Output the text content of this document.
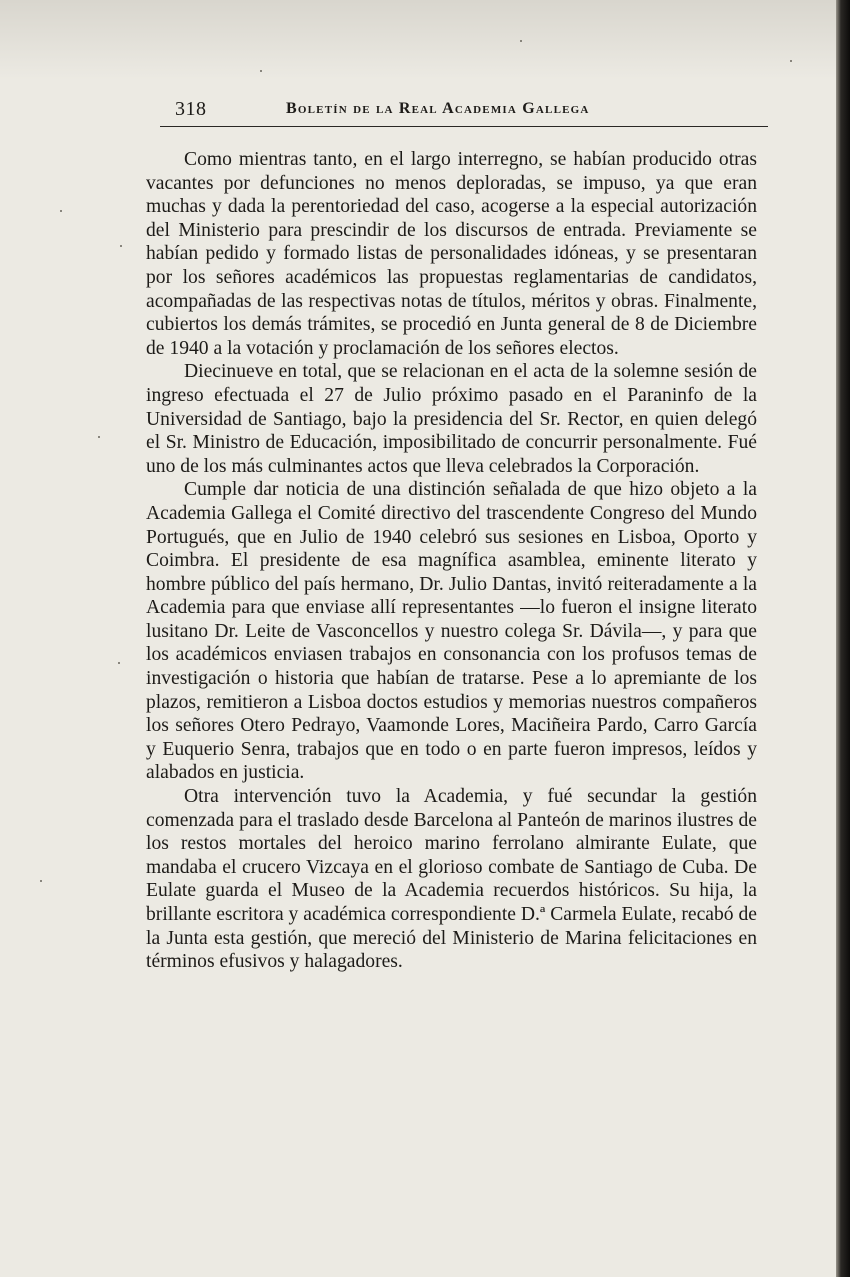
318	Boletín de la Real Academia Gallega

Como mientras tanto, en el largo interregno, se habían producido otras vacantes por defunciones no menos deploradas, se impuso, ya que eran muchas y dada la perentoriedad del caso, acogerse a la especial autorización del Ministerio para prescindir de los discursos de entrada. Previamente se habían pedido y formado listas de personalidades idóneas, y se presentaran por los señores académicos las propuestas reglamentarias de candidatos, acompañadas de las respectivas notas de títulos, méritos y obras. Finalmente, cubiertos los demás trámites, se procedió en Junta general de 8 de Diciembre de 1940 a la votación y proclamación de los señores electos.

Diecinueve en total, que se relacionan en el acta de la solemne sesión de ingreso efectuada el 27 de Julio próximo pasado en el Paraninfo de la Universidad de Santiago, bajo la presidencia del Sr. Rector, en quien delegó el Sr. Ministro de Educación, imposibilitado de concurrir personalmente. Fué uno de los más culminantes actos que lleva celebrados la Corporación.

Cumple dar noticia de una distinción señalada de que hizo objeto a la Academia Gallega el Comité directivo del trascendente Congreso del Mundo Portugués, que en Julio de 1940 celebró sus sesiones en Lisboa, Oporto y Coimbra. El presidente de esa magnífica asamblea, eminente literato y hombre público del país hermano, Dr. Julio Dantas, invitó reiteradamente a la Academia para que enviase allí representantes —lo fueron el insigne literato lusitano Dr. Leite de Vasconcellos y nuestro colega Sr. Dávila—, y para que los académicos enviasen trabajos en consonancia con los profusos temas de investigación o historia que habían de tratarse. Pese a lo apremiante de los plazos, remitieron a Lisboa doctos estudios y memorias nuestros compañeros los señores Otero Pedrayo, Vaamonde Lores, Maciñeira Pardo, Carro García y Euquerio Senra, trabajos que en todo o en parte fueron impresos, leídos y alabados en justicia.

Otra intervención tuvo la Academia, y fué secundar la gestión comenzada para el traslado desde Barcelona al Panteón de marinos ilustres de los restos mortales del heroico marino ferrolano almirante Eulate, que mandaba el crucero Vizcaya en el glorioso combate de Santiago de Cuba. De Eulate guarda el Museo de la Academia recuerdos históricos. Su hija, la brillante escritora y académica correspondiente D.ª Carmela Eulate, recabó de la Junta esta gestión, que mereció del Ministerio de Marina felicitaciones en términos efusivos y halagadores.
